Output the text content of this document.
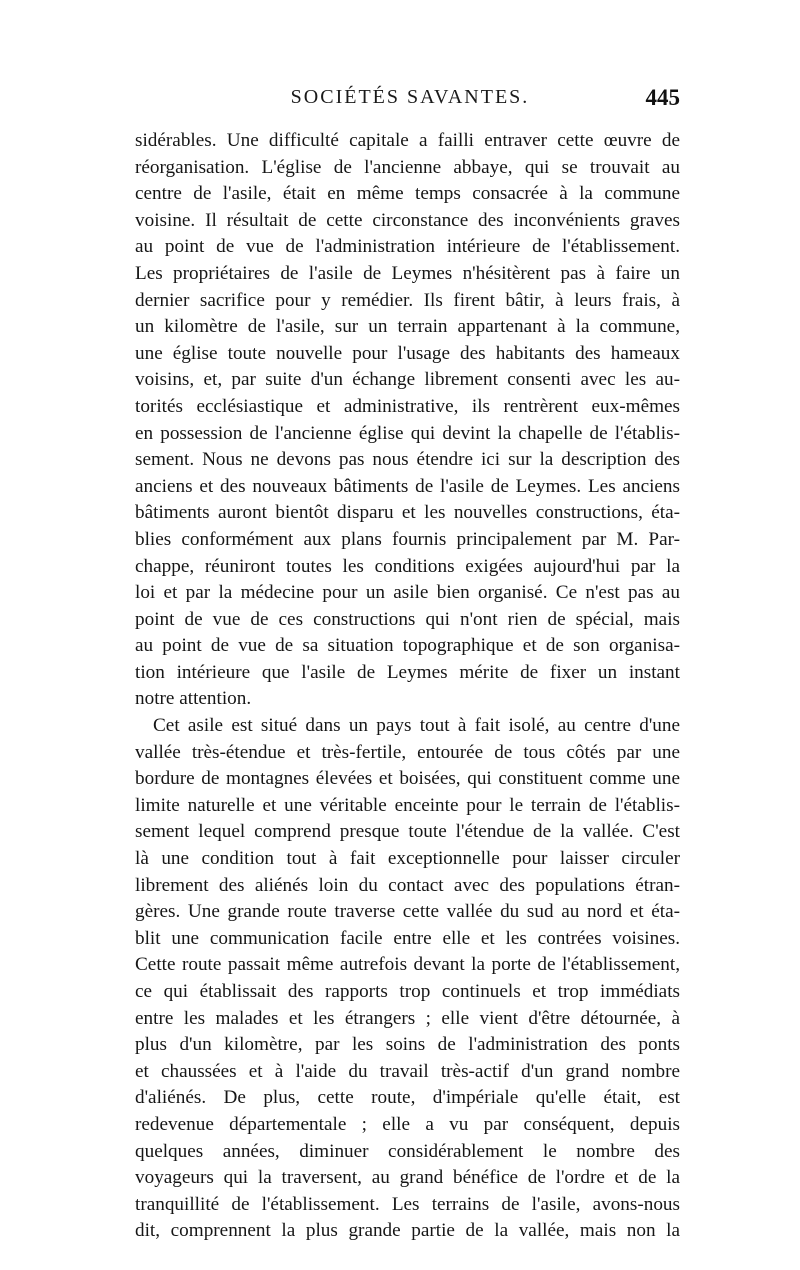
SOCIÉTÉS SAVANTES.	445
sidérables. Une difficulté capitale a failli entraver cette œuvre de
réorganisation. L'église de l'ancienne abbaye, qui se trouvait au
centre de l'asile, était en même temps consacrée à la commune
voisine. Il résultait de cette circonstance des inconvénients graves
au point de vue de l'administration intérieure de l'établissement.
Les propriétaires de l'asile de Leymes n'hésitèrent pas à faire un
dernier sacrifice pour y remédier. Ils firent bâtir, à leurs frais, à
un kilomètre de l'asile, sur un terrain appartenant à la commune,
une église toute nouvelle pour l'usage des habitants des hameaux
voisins, et, par suite d'un échange librement consenti avec les au-
torités ecclésiastique et administrative, ils rentrèrent eux-mêmes
en possession de l'ancienne église qui devint la chapelle de l'établis-
sement. Nous ne devons pas nous étendre ici sur la description des
anciens et des nouveaux bâtiments de l'asile de Leymes. Les anciens
bâtiments auront bientôt disparu et les nouvelles constructions, éta-
blies conformément aux plans fournis principalement par M. Par-
chappe, réuniront toutes les conditions exigées aujourd'hui par la
loi et par la médecine pour un asile bien organisé. Ce n'est pas au
point de vue de ces constructions qui n'ont rien de spécial, mais
au point de vue de sa situation topographique et de son organisa-
tion intérieure que l'asile de Leymes mérite de fixer un instant
notre attention.
Cet asile est situé dans un pays tout à fait isolé, au centre d'une
vallée très-étendue et très-fertile, entourée de tous côtés par une
bordure de montagnes élevées et boisées, qui constituent comme une
limite naturelle et une véritable enceinte pour le terrain de l'établis-
sement lequel comprend presque toute l'étendue de la vallée. C'est
là une condition tout à fait exceptionnelle pour laisser circuler
librement des aliénés loin du contact avec des populations étran-
gères. Une grande route traverse cette vallée du sud au nord et éta-
blit une communication facile entre elle et les contrées voisines.
Cette route passait même autrefois devant la porte de l'établissement,
ce qui établissait des rapports trop continuels et trop immédiats
entre les malades et les étrangers ; elle vient d'être détournée, à
plus d'un kilomètre, par les soins de l'administration des ponts
et chaussées et à l'aide du travail très-actif d'un grand nombre
d'aliénés. De plus, cette route, d'impériale qu'elle était, est
redevenue départementale ; elle a vu par conséquent, depuis
quelques années, diminuer considérablement le nombre des
voyageurs qui la traversent, au grand bénéfice de l'ordre et de la
tranquillité de l'établissement. Les terrains de l'asile, avons-nous
dit, comprennent la plus grande partie de la vallée, mais non la
